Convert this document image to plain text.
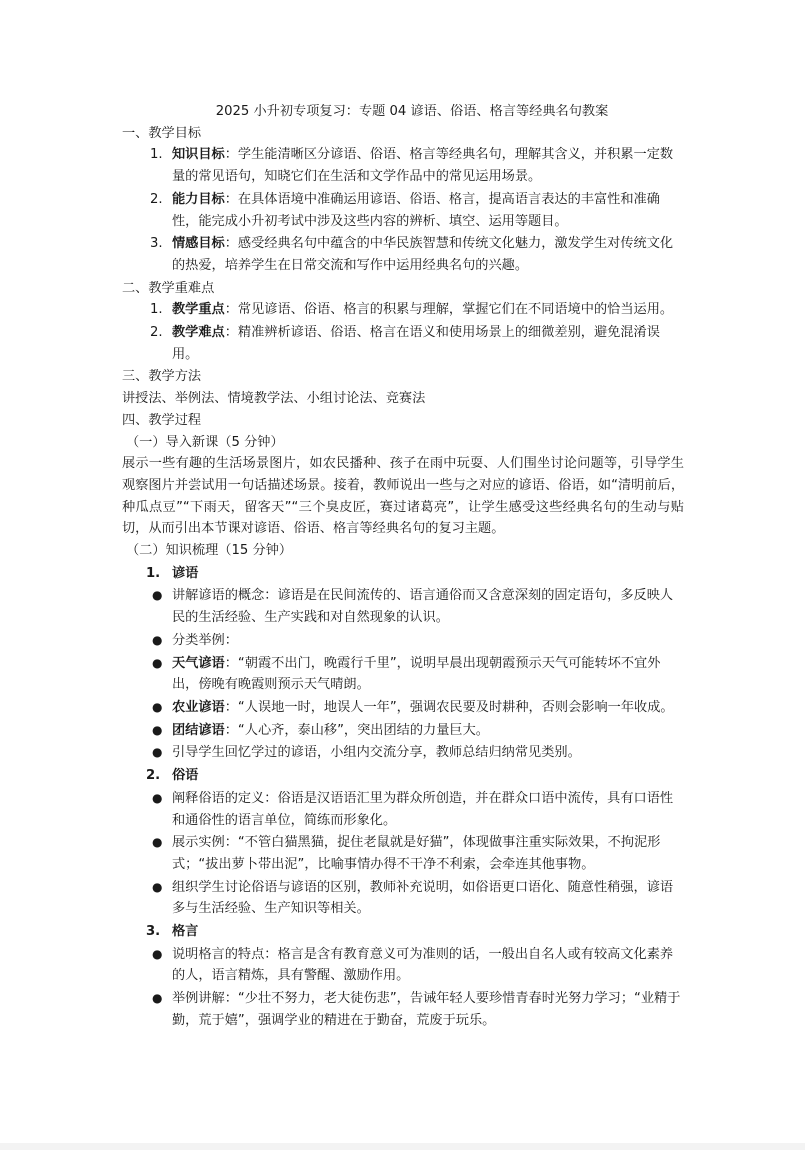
2025 小升初专项复习：专题 04 谚语、俗语、格言等经典名句教案
一、教学目标
1. 知识目标：学生能清晰区分谚语、俗语、格言等经典名句，理解其含义，并积累一定数量的常见语句，知晓它们在生活和文学作品中的常见运用场景。
2. 能力目标：在具体语境中准确运用谚语、俗语、格言，提高语言表达的丰富性和准确性，能完成小升初考试中涉及这些内容的辨析、填空、运用等题目。
3. 情感目标：感受经典名句中蕴含的中华民族智慧和传统文化魅力，激发学生对传统文化的热爱，培养学生在日常交流和写作中运用经典名句的兴趣。
二、教学重难点
1. 教学重点：常见谚语、俗语、格言的积累与理解，掌握它们在不同语境中的恰当运用。
2. 教学难点：精准辨析谚语、俗语、格言在语义和使用场景上的细微差别，避免混淆误用。
三、教学方法
讲授法、举例法、情境教学法、小组讨论法、竞赛法
四、教学过程
（一）导入新课（5 分钟）
展示一些有趣的生活场景图片，如农民播种、孩子在雨中玩耍、人们围坐讨论问题等，引导学生观察图片并尝试用一句话描述场景。接着，教师说出一些与之对应的谚语、俗语，如“清明前后，种瓜点豆”“下雨天，留客天”“三个臭皮匠，赛过诸葛亮”，让学生感受这些经典名句的生动与贴切，从而引出本节课对谚语、俗语、格言等经典名句的复习主题。
（二）知识梳理（15 分钟）
1. 谚语
● 讲解谚语的概念：谚语是在民间流传的、语言通俗而又含意深刻的固定语句，多反映人民的生活经验、生产实践和对自然现象的认识。
● 分类举例：
● 天气谚语：“朝霞不出门，晚霞行千里”，说明早晨出现朝霞预示天气可能转坏不宜外出，傍晚有晚霞则预示天气晴朗。
● 农业谚语：“人误地一时，地误人一年”，强调农民要及时耕种，否则会影响一年收成。
● 团结谚语：“人心齐，泰山移”，突出团结的力量巨大。
● 引导学生回忆学过的谚语，小组内交流分享，教师总结归纳常见类别。
2. 俗语
● 阐释俗语的定义：俗语是汉语语汇里为群众所创造，并在群众口语中流传，具有口语性和通俗性的语言单位，简练而形象化。
● 展示实例：“不管白猫黑猫，捉住老鼠就是好猫”，体现做事注重实际效果，不拘泥形式；“拔出萝卜带出泥”，比喻事情办得不干净不利索，会牵连其他事物。
● 组织学生讨论俗语与谚语的区别，教师补充说明，如俗语更口语化、随意性稍强，谚语多与生活经验、生产知识等相关。
3. 格言
● 说明格言的特点：格言是含有教育意义可为准则的话，一般出自名人或有较高文化素养的人，语言精炼，具有警醒、激励作用。
● 举例讲解：“少壮不努力，老大徒伤悲”，告诫年轻人要珍惜青春时光努力学习；“业精于勤，荒于嬉”，强调学业的精进在于勤奋，荒废于玩乐。
